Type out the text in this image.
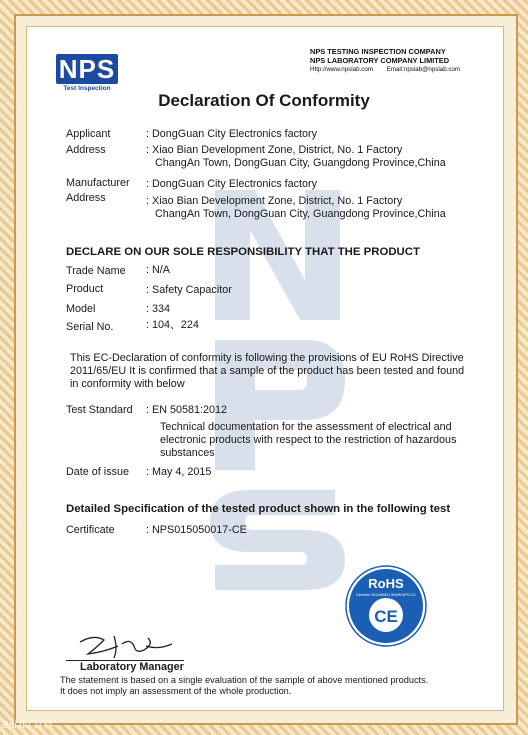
NPS
Test Inspection
NPS TESTING INSPECTION COMPANY
NPS LABORATORY COMPANY LIMITED
Http://www.npslab.com Email:npslab@npslab.com
Declaration Of Conformity
Applicant	: DongGuan City Electronics factory
Address	: Xiao Bian Development Zone, District, No. 1 Factory
ChangAn Town, DongGuan City, Guangdong Province,China
Manufacturer : DongGuan City Electronics factory
Address	: Xiao Bian Development Zone, District, No. 1 Factory
ChangAn Town, DongGuan City, Guangdong Province,China
DECLARE ON OUR SOLE RESPONSIBILITY THAT THE PRODUCT
Trade Name : N/A
Product	: Safety Capacitor
Model	: 334
Serial No.	: 104、224
This EC-Declaration of conformity is following the provisions of EU RoHS Directive
2011/65/EU It is confirmed that a sample of the product has been tested and found
in conformity with below
Test Standard : EN 50581:2012
Technical documentation for the assessment of electrical and
electronic products with respect to the restriction of hazardous
substances
Date of issue : May 4, 2015
Detailed Specification of the tested product shown in the following test
Certificate	: NPS015050017-CE
RoHS
Directive 2011/65/EU WWW.NPS.CO
CE
Laboratory Manager
The statement is based on a single evaluation of the sample of above mentioned products.
It does not imply an assessment of the whole production.
Bai du 百科
